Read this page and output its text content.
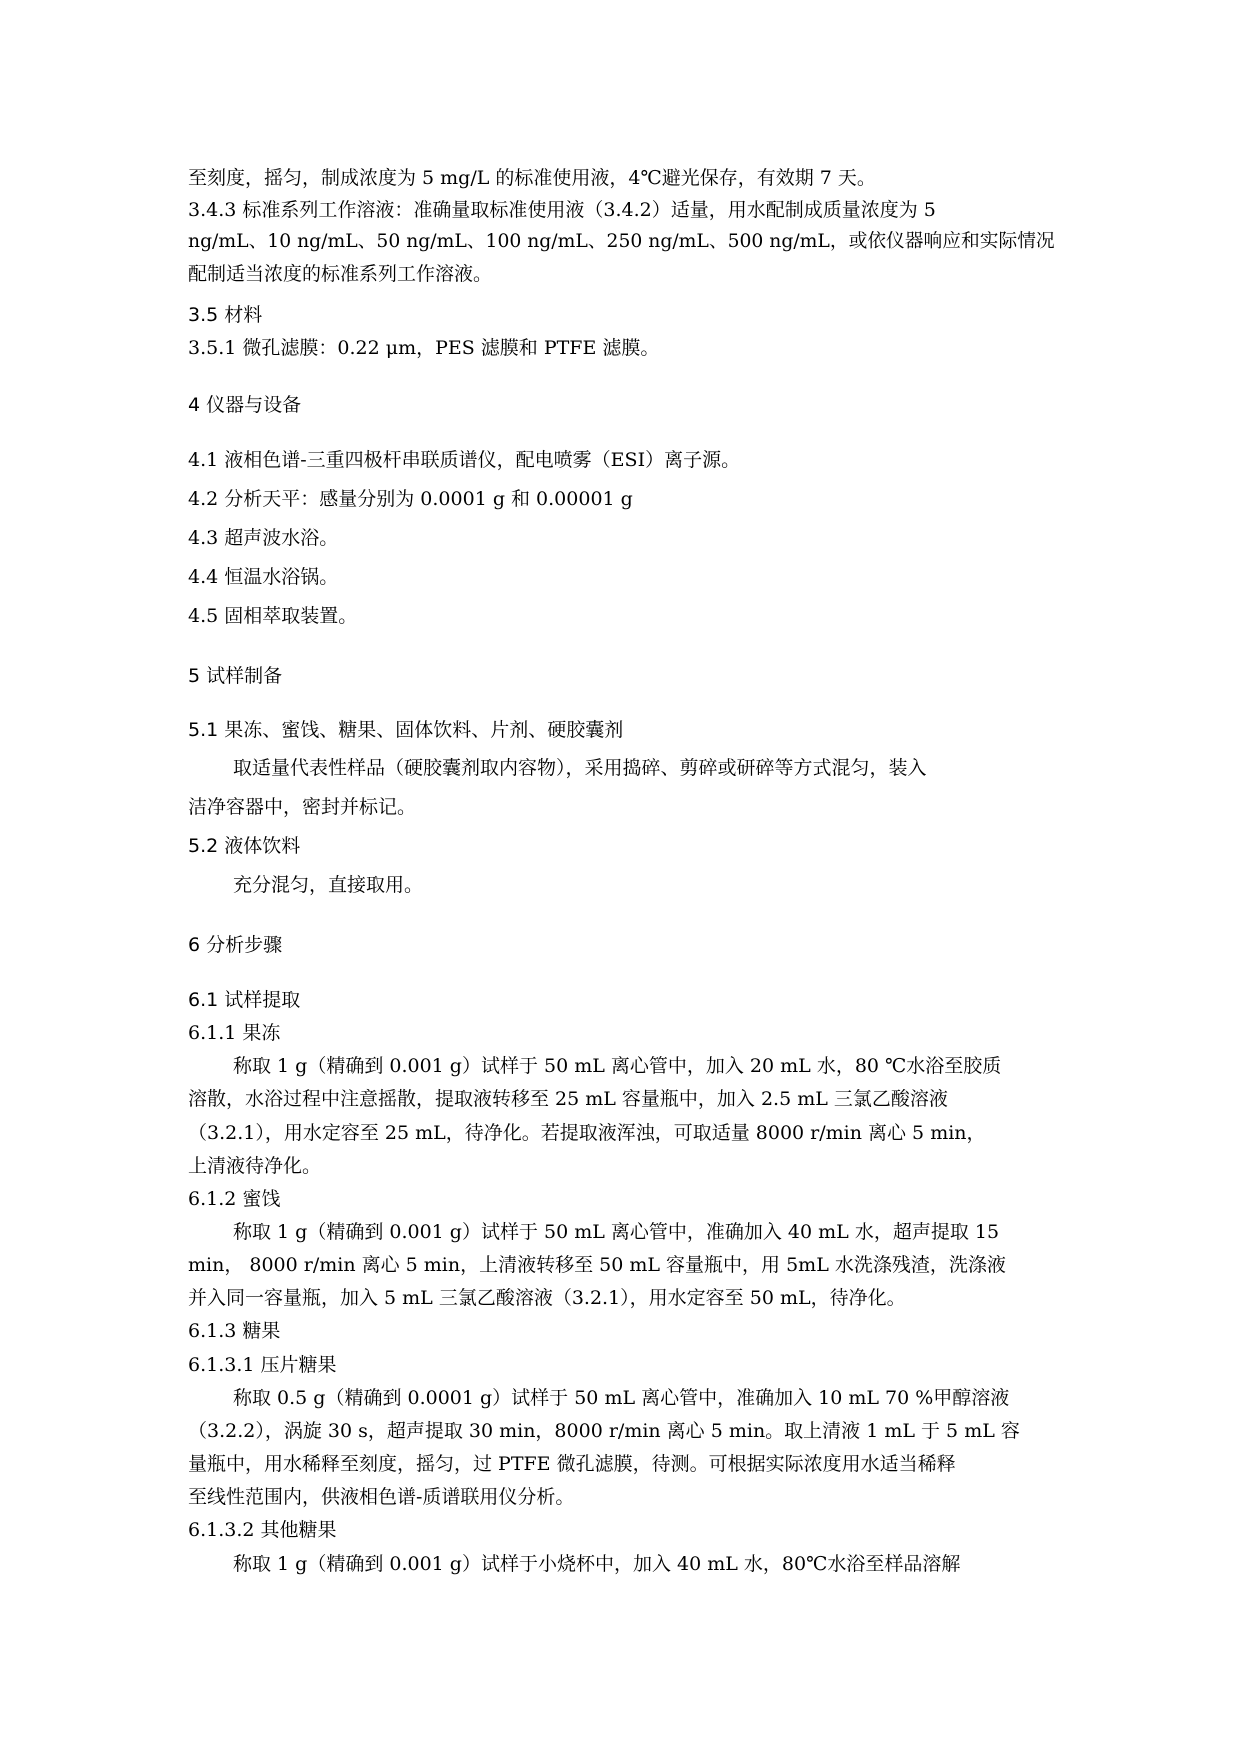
至刻度，摇匀，制成浓度为 5 mg/L 的标准使用液，4℃避光保存，有效期 7 天。

3.4.3 标准系列工作溶液：准确量取标准使用液（3.4.2）适量，用水配制成质量浓度为 5

ng/mL、10 ng/mL、50 ng/mL、100 ng/mL、250 ng/mL、500 ng/mL，或依仪器响应和实际情况

配制适当浓度的标准系列工作溶液。

3.5 材料

3.5.1 微孔滤膜：0.22 μm，PES 滤膜和 PTFE 滤膜。

4 仪器与设备

4.1 液相色谱-三重四极杆串联质谱仪，配电喷雾（ESI）离子源。

4.2 分析天平：感量分别为 0.0001 g 和 0.00001 g

4.3 超声波水浴。

4.4 恒温水浴锅。

4.5 固相萃取装置。

5 试样制备

5.1 果冻、蜜饯、糖果、固体饮料、片剂、硬胶囊剂

取适量代表性样品（硬胶囊剂取内容物），采用捣碎、剪碎或研碎等方式混匀，装入

洁净容器中，密封并标记。

5.2 液体饮料

充分混匀，直接取用。

6 分析步骤

6.1 试样提取

6.1.1 果冻

称取 1 g（精确到 0.001 g）试样于 50 mL 离心管中，加入 20 mL 水，80 ℃水浴至胶质

溶散，水浴过程中注意摇散，提取液转移至 25 mL 容量瓶中，加入 2.5 mL 三氯乙酸溶液

（3.2.1），用水定容至 25 mL，待净化。若提取液浑浊，可取适量 8000 r/min 离心 5 min，

上清液待净化。

6.1.2 蜜饯

称取 1 g（精确到 0.001 g）试样于 50 mL 离心管中，准确加入 40 mL 水，超声提取 15

min， 8000 r/min 离心 5 min，上清液转移至 50 mL 容量瓶中，用 5mL 水洗涤残渣，洗涤液

并入同一容量瓶，加入 5 mL 三氯乙酸溶液（3.2.1），用水定容至 50 mL，待净化。

6.1.3 糖果

6.1.3.1 压片糖果

称取 0.5 g（精确到 0.0001 g）试样于 50 mL 离心管中，准确加入 10 mL 70 %甲醇溶液

（3.2.2），涡旋 30 s，超声提取 30 min，8000 r/min 离心 5 min。取上清液 1 mL 于 5 mL 容

量瓶中，用水稀释至刻度，摇匀，过 PTFE 微孔滤膜，待测。可根据实际浓度用水适当稀释

至线性范围内，供液相色谱-质谱联用仪分析。

6.1.3.2 其他糖果

称取 1 g（精确到 0.001 g）试样于小烧杯中，加入 40 mL 水，80℃水浴至样品溶解
